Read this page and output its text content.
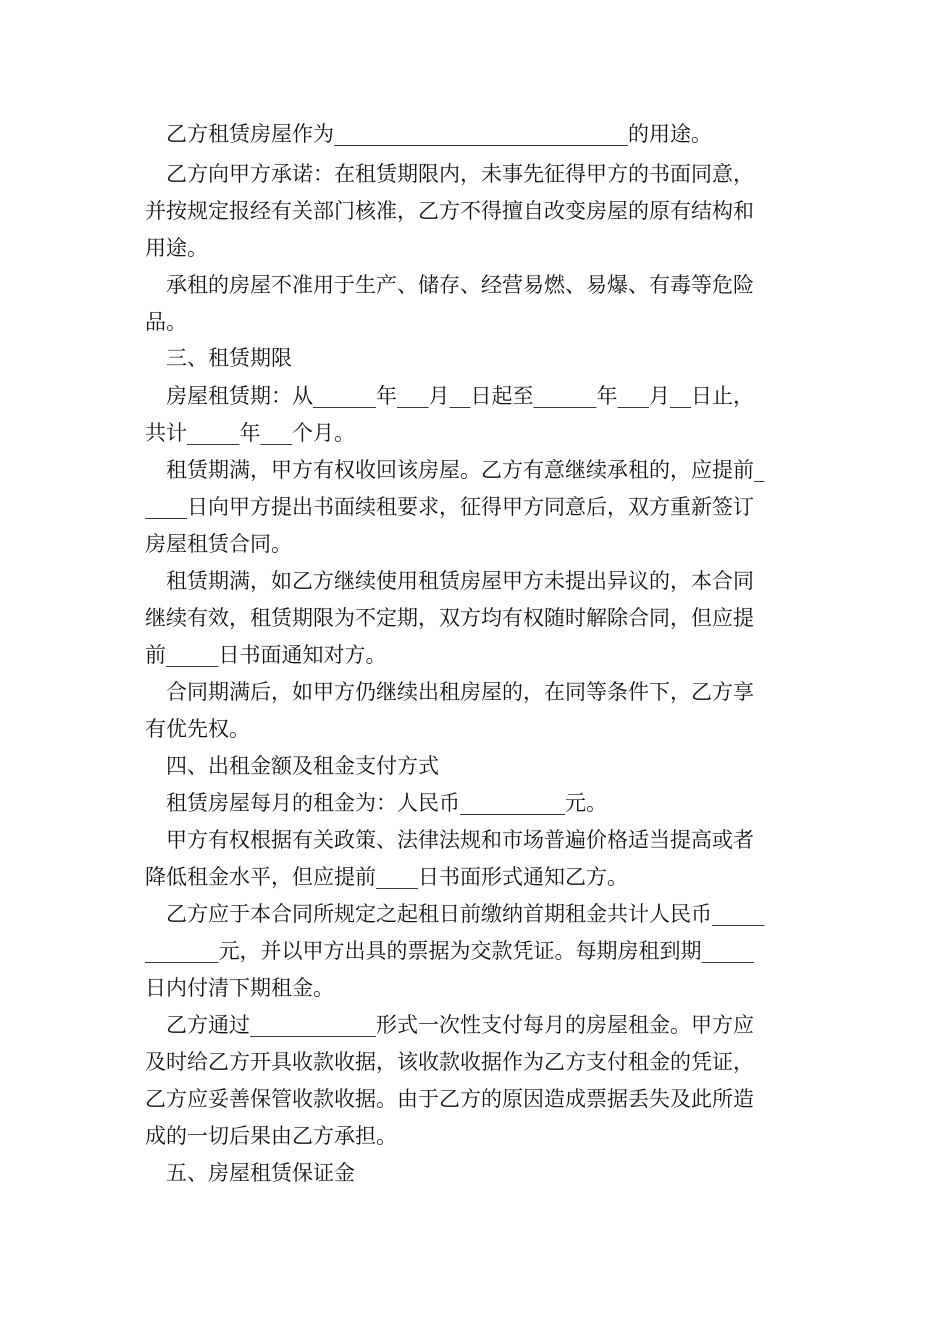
乙方租赁房屋作为____________________________的用途。

乙方向甲方承诺：在租赁期限内，未事先征得甲方的书面同意，
并按规定报经有关部门核准，乙方不得擅自改变房屋的原有结构和
用途。

承租的房屋不准用于生产、储存、经营易燃、易爆、有毒等危险
品。

三、租赁期限

房屋租赁期：从______年___月__日起至______年___月__日止，
共计_____年___个月。

租赁期满，甲方有权收回该房屋。乙方有意继续承租的，应提前_
____日向甲方提出书面续租要求，征得甲方同意后，双方重新签订
房屋租赁合同。

租赁期满，如乙方继续使用租赁房屋甲方未提出异议的，本合同
继续有效，租赁期限为不定期，双方均有权随时解除合同，但应提
前_____日书面通知对方。

合同期满后，如甲方仍继续出租房屋的，在同等条件下，乙方享
有优先权。

四、出租金额及租金支付方式

租赁房屋每月的租金为：人民币__________元。

甲方有权根据有关政策、法律法规和市场普遍价格适当提高或者
降低租金水平，但应提前____日书面形式通知乙方。

乙方应于本合同所规定之起租日前缴纳首期租金共计人民币_____
_______元，并以甲方出具的票据为交款凭证。每期房租到期_____
日内付清下期租金。

乙方通过____________形式一次性支付每月的房屋租金。甲方应
及时给乙方开具收款收据，该收款收据作为乙方支付租金的凭证，
乙方应妥善保管收款收据。由于乙方的原因造成票据丢失及此所造
成的一切后果由乙方承担。

五、房屋租赁保证金
